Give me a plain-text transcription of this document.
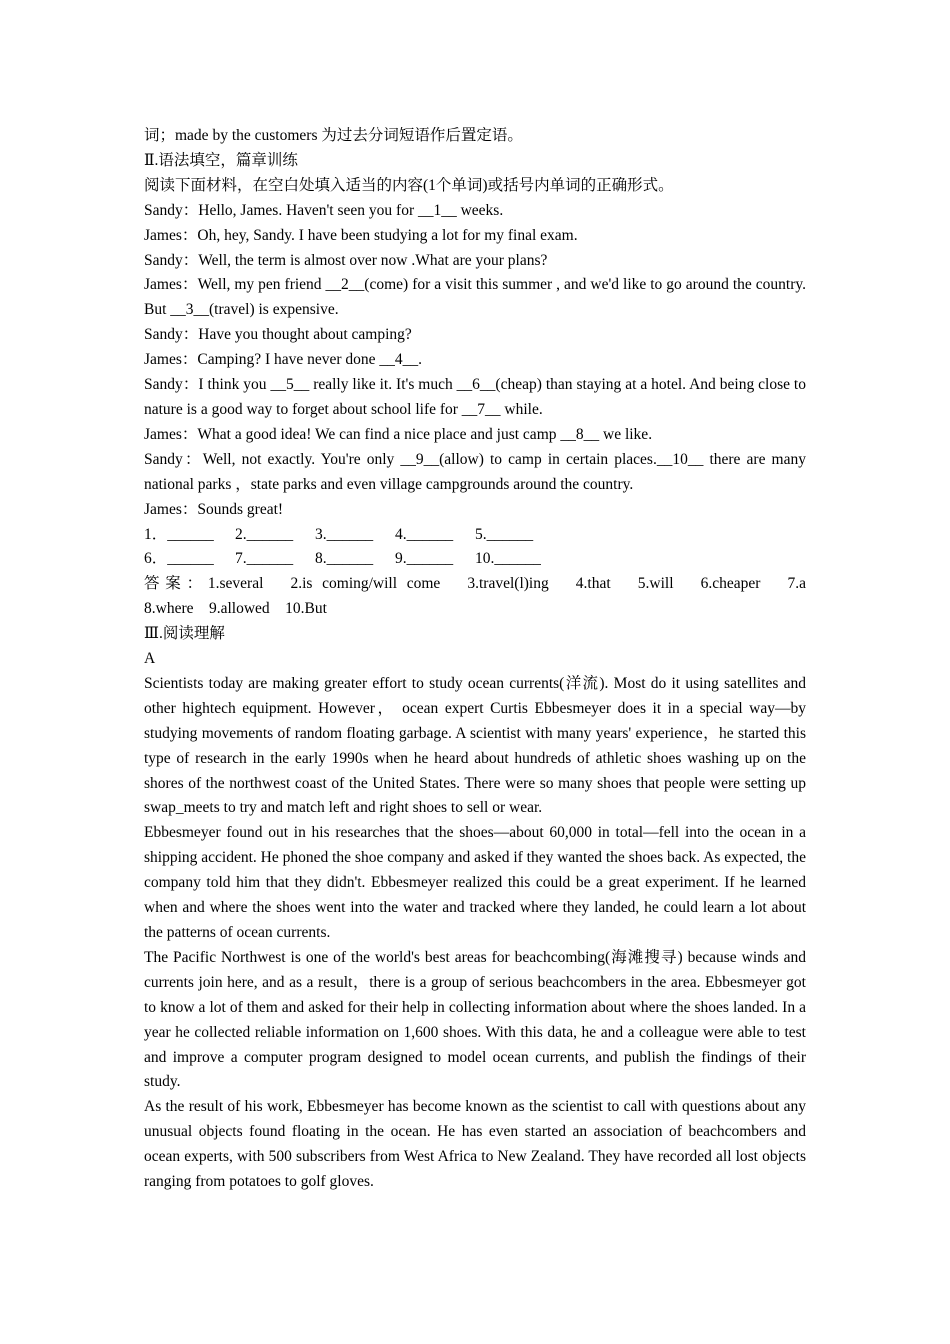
词；made by the customers 为过去分词短语作后置定语。
Ⅱ.语法填空，篇章训练
阅读下面材料，在空白处填入适当的内容(1个单词)或括号内单词的正确形式。
Sandy：Hello, James. Haven't seen you for __1__ weeks.
James：Oh, hey, Sandy. I have been studying a lot for my final exam.
Sandy：Well, the term is almost over now .What are your plans?
James：Well, my pen friend __2__(come) for a visit this summer , and we'd like to go around the country. But __3__(travel) is expensive.
Sandy：Have you thought about camping?
James：Camping? I have never done __4__.
Sandy：I think you __5__ really like it. It's much __6__(cheap) than staying at a hotel. And being close to nature is a good way to forget about school life for __7__ while.
James：What a good idea! We can find a nice place and just camp __8__ we like.
Sandy：Well, not exactly. You're only __9__(allow) to camp in certain places.__10__ there are many national parks ，state parks and even village campgrounds around the country.
James：Sounds great!
1．______	2.______	3.______	4.______	5.______
6．______	7.______	8.______	9.______	10.______
答案：1.several　2.is coming/will come　3.travel(l)ing　4.that　5.will　6.cheaper　7.a
8.where　9.allowed　10.But
Ⅲ.阅读理解
A
Scientists today are making greater effort to study ocean currents(洋流). Most do it using satellites and other hightech equipment. However， ocean expert Curtis Ebbesmeyer does it in a special way—by studying movements of random floating garbage. A scientist with many years' experience，he started this type of research in the early 1990s when he heard about hundreds of athletic shoes washing up on the shores of the northwest coast of the United States. There were so many shoes that people were setting up swap_meets to try and match left and right shoes to sell or wear.
Ebbesmeyer found out in his researches that the shoes—about 60,000 in total—fell into the ocean in a shipping accident. He phoned the shoe company and asked if they wanted the shoes back. As expected, the company told him that they didn't. Ebbesmeyer realized this could be a great experiment. If he learned when and where the shoes went into the water and tracked where they landed, he could learn a lot about the patterns of ocean currents.
The Pacific Northwest is one of the world's best areas for beachcombing(海滩搜寻) because winds and currents join here, and as a result，there is a group of serious beachcombers in the area. Ebbesmeyer got to know a lot of them and asked for their help in collecting information about where the shoes landed. In a year he collected reliable information on 1,600 shoes. With this data, he and a colleague were able to test and improve a computer program designed to model ocean currents, and publish the findings of their study.
As the result of his work, Ebbesmeyer has become known as the scientist to call with questions about any unusual objects found floating in the ocean. He has even started an association of beachcombers and ocean experts, with 500 subscribers from West Africa to New Zealand. They have recorded all lost objects ranging from potatoes to golf gloves.
